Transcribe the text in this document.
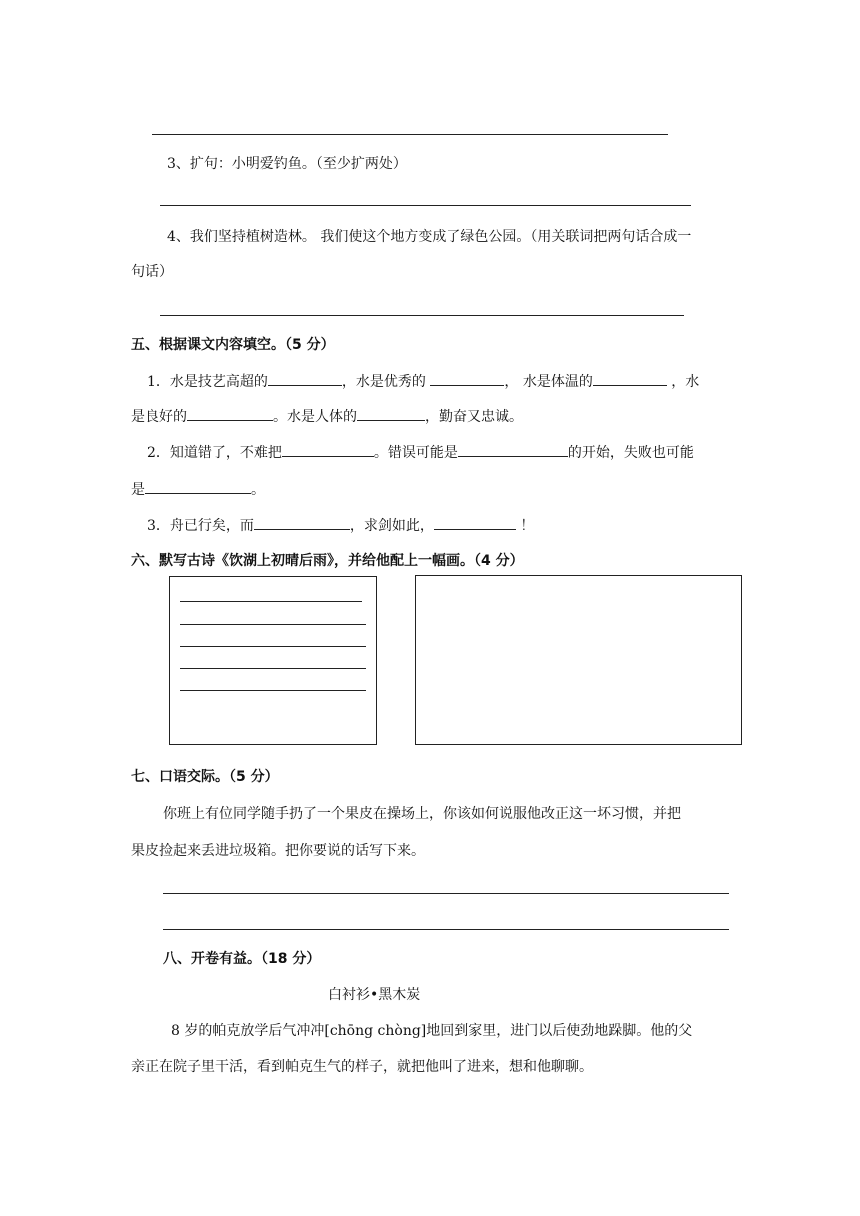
3、扩句：小明爱钓鱼。（至少扩两处）
4、我们坚持植树造林。 我们使这个地方变成了绿色公园。（用关联词把两句话合成一
句话）
五、根据课文内容填空。（5 分）
1．水是技艺高超的	，水是优秀的	， 水是体温的	，水
是良好的	。水是人体的	，勤奋又忠诚。
2．知道错了，不难把	。错误可能是	的开始，失败也可能
是	。
3．舟已行矣，而	，求剑如此，	！
六、默写古诗《饮湖上初晴后雨》，并给他配上一幅画。（4 分）
七、口语交际。（5 分）
你班上有位同学随手扔了一个果皮在操场上，你该如何说服他改正这一坏习惯，并把
果皮捡起来丢进垃圾箱。把你要说的话写下来。
八、开卷有益。（18 分）
白衬衫•黑木炭
8 岁的帕克放学后气冲冲[chōng chòng]地回到家里，进门以后使劲地跺脚。他的父
亲正在院子里干活，看到帕克生气的样子，就把他叫了进来，想和他聊聊。
